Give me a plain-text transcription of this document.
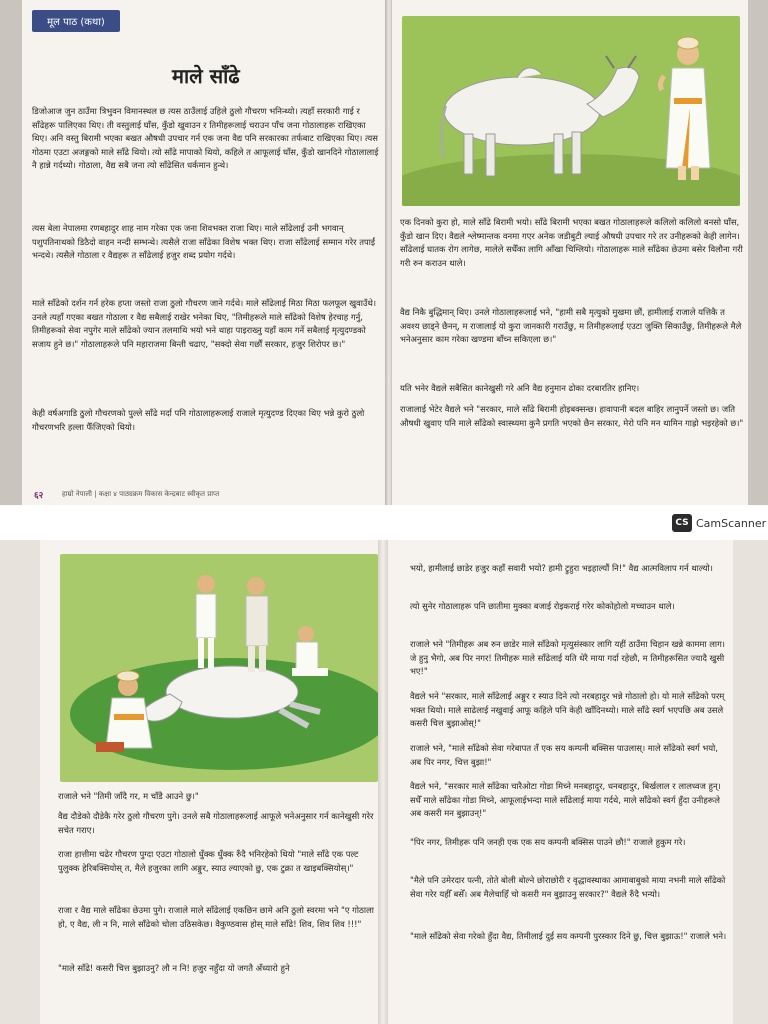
मूल पाठ (कथा)
माले साँढे
डिजोआज जुन ठाउँमा त्रिभुवन विमानस्थल छ त्यस ठाउँलाई उहिले ठुलो गौचरण भनिन्थ्यो। त्यहाँ सरकारी गाई र साँढेहरू पालिएका थिए। ती वस्तुलाई घाँस, कुँडो खुवाउन र तिमीहरूलाई चराउन पाँच जना गोठालाहरू राखिएका थिए। अनि वस्तु बिरामी भएका बखत औषधी उपचार गर्न एक जना वैद्य पनि सरकारका तर्फबाट राखिएका थिए। त्यस गोठमा एउटा अजङ्गको माले साँढे थियो। त्यो साँढे मापाको थियो, कहिले त आफूलाई घाँस, कुँडो खानदिने गोठालालाई नै हान्ने गर्दथ्यो। गोठाला, वैद्य सबै जना त्यो साँढेसित धर्कमान हुन्थे।
त्यस बेला नेपालमा रणबहादुर शाह नाम गरेका एक जना शिवभक्त राजा थिए। माले साँढेलाई उनी भगवान् पशुपतिनाथको डिठैदो वाहन नन्दी सम्भन्थे। त्यसैले राजा साँढेका विशेष भक्त थिए। राजा साँढेलाई सम्मान गरेर तपाईं भन्दथे। त्यसैले गोठाला र वैद्यहरू त साँढेलाई हजुर शब्द प्रयोग गर्दथे।
माले साँढेको दर्शन गर्न हरेक हप्ता जस्तो राजा ठुलो गौचरण जाने गर्दथे। माले साँढेलाई मिठा मिठा फलफूल खुवाउँथे। उनले त्यहाँ गएका बखत गोठाला र वैद्य सबैलाई राखेर भनेका थिए, "तिमीहरूले माले साँढेको विशेष हेरचाह गर्नु, तिमीहरूको सेवा नपुगेर माले साँढेको ज्यान तलमाथि भयो भने थाहा पाइराख्नु यहाँ काम गर्ने सबैलाई मृत्युदण्डको सजाय हुने छ।" गोठालाहरूले पनि महाराजमा बिन्ती चढाए, "सक्दो सेवा गर्छौं सरकार, हजुर शिरोपर छ।"
केही वर्षअगाडि ठुलो गौचरणको पुल्ले साँढे मर्दा पनि गोठालाहरूलाई राजाले मृत्युदण्ड दिएका थिए भन्ने कुरो ठुलो गौचरणभरि हल्ला फैँजिएको थियो।
६२	हाम्रो नेपाली | कक्षा ४ पाठ्यक्रम विकास केन्द्रबाट स्वीकृत प्राप्त
एक दिनको कुरा हो, माले साँढे बिरामी भयो। साँढे बिरामी भएका बखत गोठालाहरूले कलिलो कलिलो बनसो घाँस, कुँडो खान दिए। वैद्यले श्लेष्मान्तक वनमा गएर अनेक जडीबुटी ल्याई औषधी उपचार गरे तर उनीहरूको केही लागेन। साँढेलाई घातक रोग लागेछ, मालेले सधैँका लागि आँखा चिम्लियो। गोठालाहरू माले साँढेका छेउमा बसेर विलौना गरी गरी रुन कराउन थाले।
वैद्य निकै बुद्धिमान् थिए। उनले गोठालाहरूलाई भने, "हामी सबै मृत्युको मुखमा छौं, हामीलाई राजाले यत्तिकै त अवश्य छाड्ने छैनन्, म राजालाई यो कुरा जानकारी गराउँछु, म तिमीहरूलाई एउटा जुक्ति सिकाउँछु, तिमीहरूले मैले भनेअनुसार काम गरेका खण्डमा बाँच्न सकिएला छ।"
यति भनेर वैद्यले सबैसित कानेखुसी गरे अनि वैद्य हनुमान ढोका दरबारतिर हानिए।
राजालाई भेटेर वैद्यले भने "सरकार, माले साँढे बिरामी होइबक्सन्छ। हावापानी बदल बाहिर लानुपर्ने जस्तो छ। जति औषधी खुवाए पनि माले साँढेको स्वास्थ्यमा कुनै प्रगति भएको छैन सरकार, मेरो पनि मन थामिन गाह्रो भइरहेको छ।"
CS CamScanner
राजाले भने "तिमी जाँदै गर, म चाँडै आउने छु।"
वैद्य दौडेको दौडेकै गरेर ठुलो गौचरण पुगे। उनले सबै गोठालाहरूलाई आफूले भनेअनुसार गर्न कानेखुसी गरेर सचेत गराए।
राजा हात्तीमा चढेर गौचरण पुग्दा एउटा गोठालो धुँक्क धुँक्क रुँदै भनिरहेको थियो "माले साँढे एक पल्ट पुलुक्क हेरिबक्सियोस् त, मैले हजुरका लागि अङ्गुर, स्याउ ल्याएको छु, एक टुक्रा त खाइबक्सियोस्।"
राजा र वैद्य माले साँढेका छेउमा पुगे। राजाले माले साँढेलाई एकछिन छामे अनि ठुलो स्वरमा भने "ए गोठाला हो, ए वैद्य, ली न नि, माले साँढेको चोला उठिसकेछ। वैकुण्ठवास होस् माले साँढे! शिव, शिव शिव !!!"
"माले साँढे! कसरी चित्त बुझाउनु? लौ न नि! हजुर नहुँदा यो जगतै अँध्यारो हुने
भयो, हामीलाई छाडेर हजुर कहाँ सवारी भयो? हामी ट्रुहुरा भइहाल्यौं नि!" वैद्य आत्मविलाप गर्न थाल्यो।
त्यो सुनेर गोठालाहरू पनि छातीमा मुक्का बजाई रोइकराई गरेर कोकोहोलो मच्चाउन थाले।
राजाले भने "तिमीहरू अब रुन छाडेर माले साँढेको मृत्युसंस्कार लागि यहीं ठाउँमा चिहान खन्ने काममा लाग। जे हुनु भैगो, अब पिर नगर! तिमीहरू माले साँढेलाई यति धेरै माया गर्दा रहेछौ, म तिमीहरूसित ज्यादै खुसी भए!"
वैद्यले भने "सरकार, माले साँढेलाई अङ्गुर र स्याउ दिने त्यो नरबहादुर भन्ने गोठालो हो। यो माले साँढेको परम् भक्त थियो। माले साढेलाई नखुवाई आफू कहिले पनि केही खाँदिनथ्यो। माले साँढे स्वर्ग भएपछि अब उसले कसरी चित्त बुझाओस्!"
राजाले भने, "माले साँढेको सेवा गरेबापत तँ एक सय कम्पनी बक्सिस पाउलास्। माले साँढेको स्वर्ग भयो, अब पिर नगर, चित्त बुझा!"
वैद्यले भने, "सरकार माले साँढेका चारैओटा गोडा मिच्ने मनबहादुर, धनबहादुर, बिर्खलाल र लालध्वज हुन्। सधैँ माले साँढेका गोडा मिच्ने, आफूलाईभन्दा माले साँढेलाई माया गर्दथे, माले साँढेको स्वर्ग हुँदा उनीहरूले अब कसरी मन बुझाउन्!"
"पिर नगर, तिमीहरू पनि जनही एक एक सय कम्पनी बक्सिस पाउने छौ!" राजाले हुकुम गरे।
"मैले पनि उमेरदार पत्नी, तोते बोली बोल्ने छोराछोरी र वृद्धावस्थाका आमाबाबुको माया नभनी माले साँढेको सेवा गरेर यहीँ बसेँ। अब मैलेचाहिँ चो कसरी मन बुझाउनु सरकार?" वैद्यले रुँदै भन्यो।
"माले साँढेको सेवा गरेको हुँदा वैद्य, तिमीलाई दुई सय कम्पनी पुरस्कार दिने छु, चित्त बुझाऊ!" राजाले भने।
